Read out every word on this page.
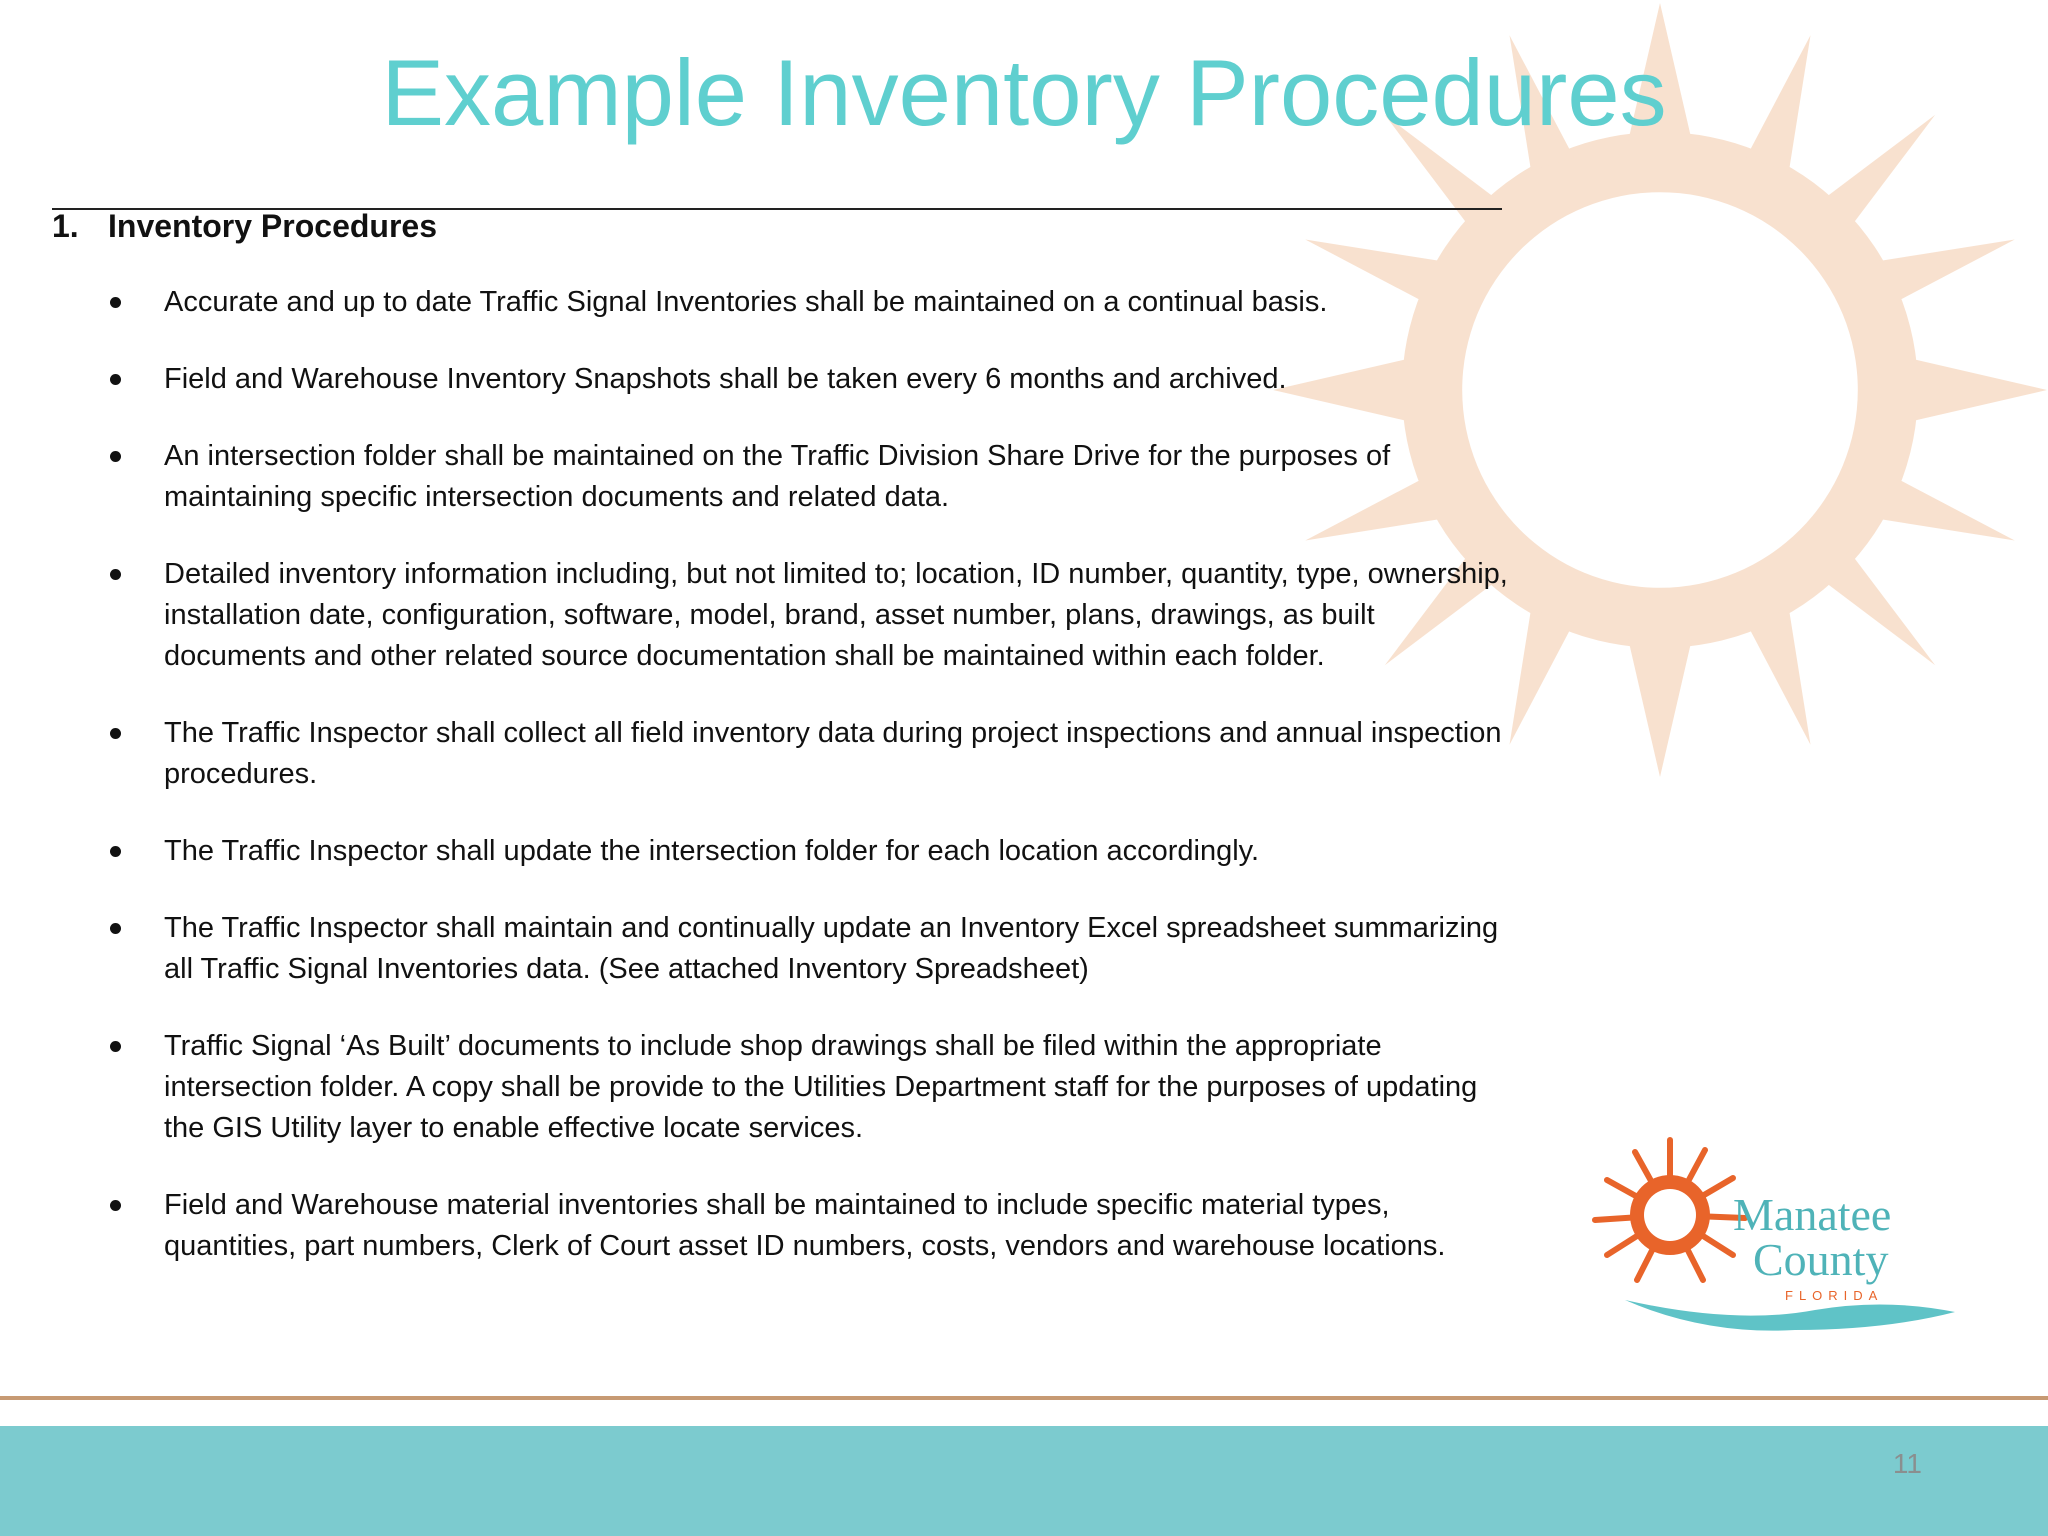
Example Inventory Procedures
1. Inventory Procedures
Accurate and up to date Traffic Signal Inventories shall be maintained on a continual basis.
Field and Warehouse Inventory Snapshots shall be taken every 6 months and archived.
An intersection folder shall be maintained on the Traffic Division Share Drive for the purposes of maintaining specific intersection documents and related data.
Detailed inventory information including, but not limited to; location, ID number, quantity, type, ownership, installation date, configuration, software, model, brand, asset number, plans, drawings, as built documents and other related source documentation shall be maintained within each folder.
The Traffic Inspector shall collect all field inventory data during project inspections and annual inspection procedures.
The Traffic Inspector shall update the intersection folder for each location accordingly.
The Traffic Inspector shall maintain and continually update an Inventory Excel spreadsheet summarizing all Traffic Signal Inventories data. (See attached Inventory Spreadsheet)
Traffic Signal ‘As Built’ documents to include shop drawings shall be filed within the appropriate intersection folder. A copy shall be provide to the Utilities Department staff for the purposes of updating the GIS Utility layer to enable effective locate services.
Field and Warehouse material inventories shall be maintained to include specific material types, quantities, part numbers, Clerk of Court asset ID numbers, costs, vendors and warehouse locations.
Manatee
County
FLORIDA
11
